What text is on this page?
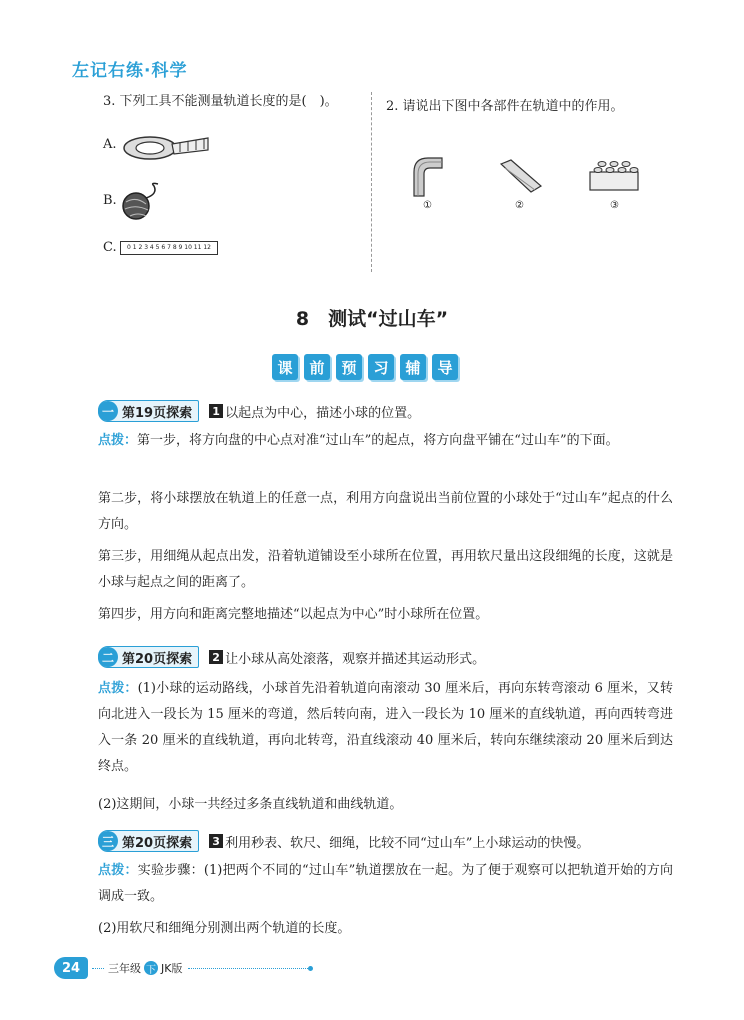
左记右练·科学
3. 下列工具不能测量轨道长度的是(　)。
A.
B.
C.	0 1 2 3 4 5 6 7 8 9 10 11 12
2. 请说出下图中各部件在轨道中的作用。
①	②	③
8　测试“过山车”
课	前	预	习	辅	导
一 第19页探索 1 以起点为中心，描述小球的位置。
点拨：第一步，将方向盘的中心点对准“过山车”的起点，将方向盘平铺在“过山车”的下面。
第二步，将小球摆放在轨道上的任意一点，利用方向盘说出当前位置的小球处于“过山车”起点的什么方向。
第三步，用细绳从起点出发，沿着轨道铺设至小球所在位置，再用软尺量出这段细绳的长度，这就是小球与起点之间的距离了。
第四步，用方向和距离完整地描述“以起点为中心”时小球所在位置。
二 第20页探索 2 让小球从高处滚落，观察并描述其运动形式。
点拨：(1)小球的运动路线，小球首先沿着轨道向南滚动 30 厘米后，再向东转弯滚动 6 厘米，又转向北进入一段长为 15 厘米的弯道，然后转向南，进入一段长为 10 厘米的直线轨道，再向西转弯进入一条 20 厘米的直线轨道，再向北转弯，沿直线滚动 40 厘米后，转向东继续滚动 20 厘米后到达终点。
(2)这期间，小球一共经过多条直线轨道和曲线轨道。
三 第20页探索 3 利用秒表、软尺、细绳，比较不同“过山车”上小球运动的快慢。
点拨：实验步骤：(1)把两个不同的“过山车”轨道摆放在一起。为了便于观察可以把轨道开始的方向调成一致。
(2)用软尺和细绳分别测出两个轨道的长度。
24	三年级 下 JK版
